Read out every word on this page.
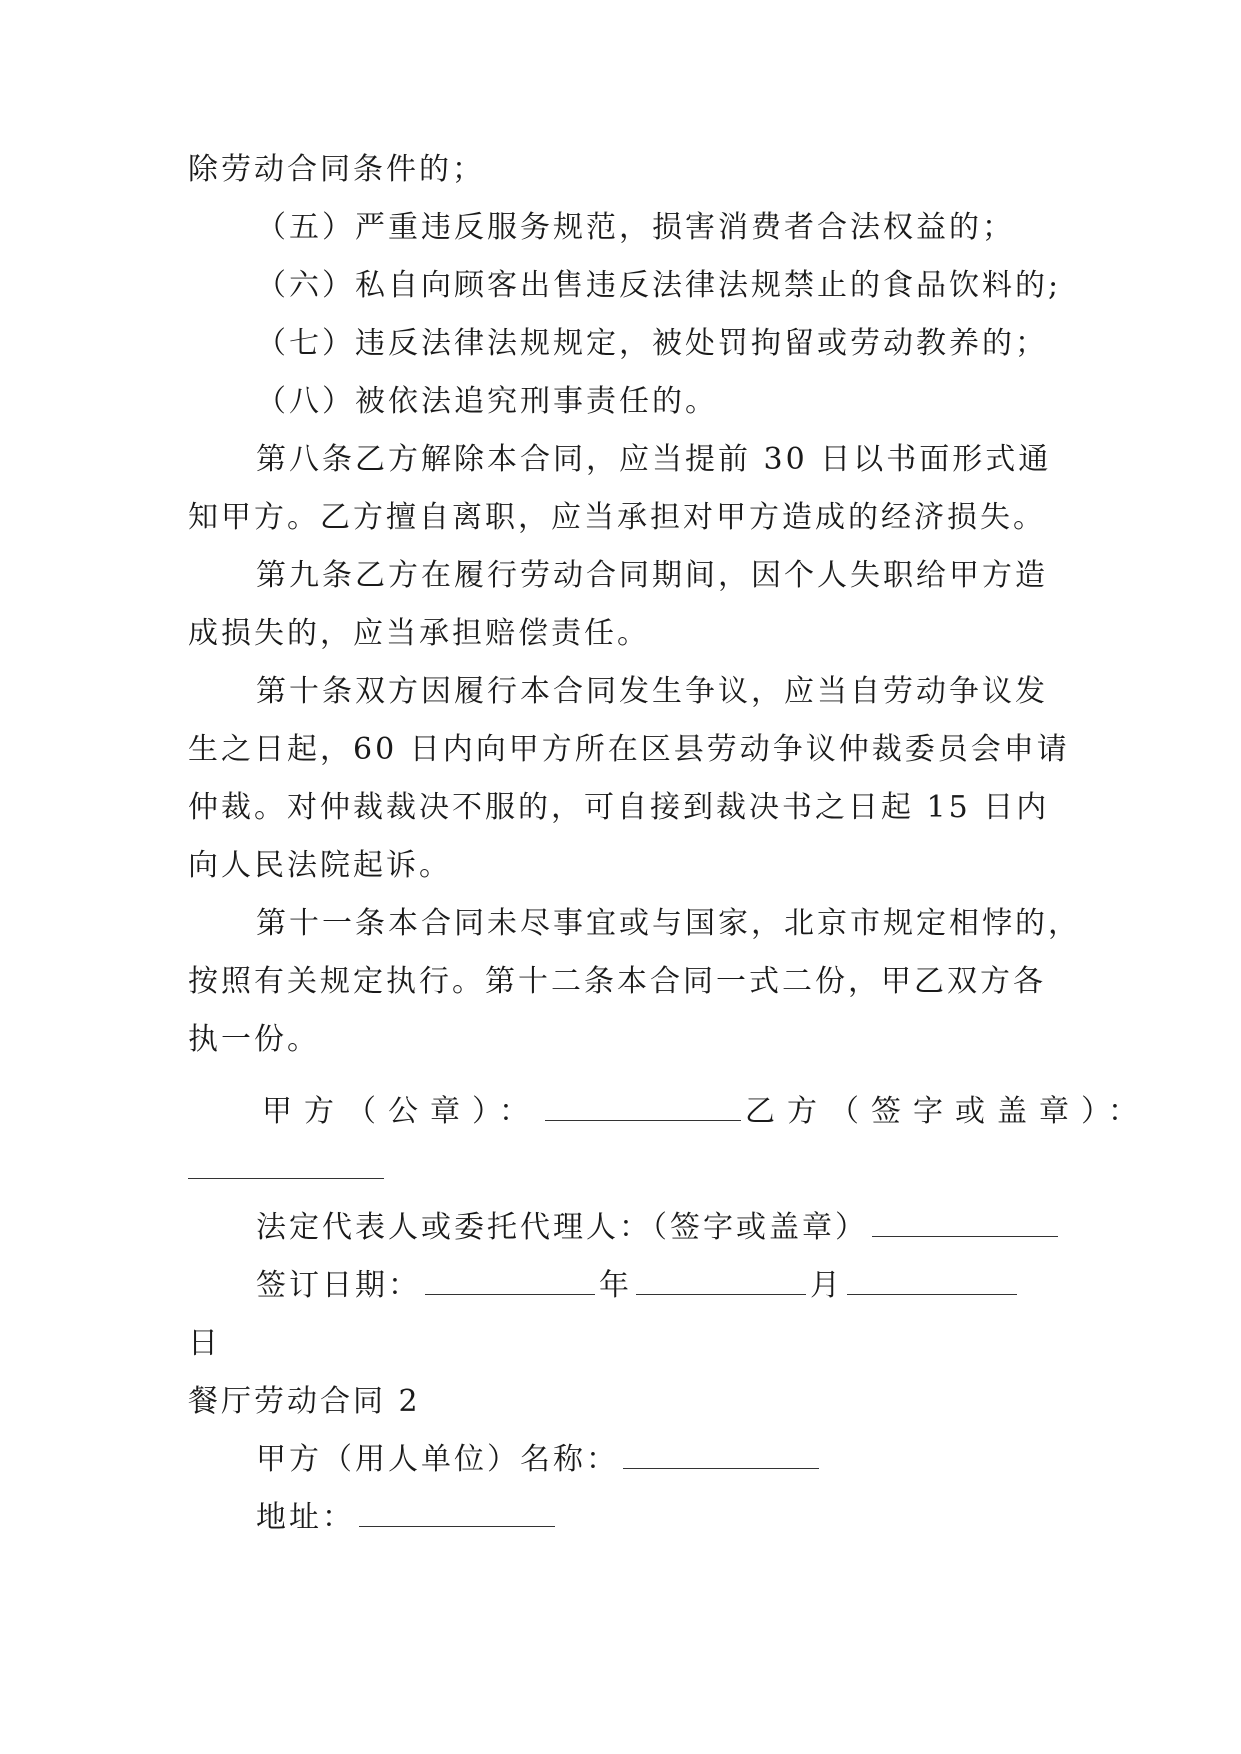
除劳动合同条件的；
（五）严重违反服务规范，损害消费者合法权益的；
（六）私自向顾客出售违反法律法规禁止的食品饮料的;
（七）违反法律法规规定，被处罚拘留或劳动教养的；
（八）被依法追究刑事责任的。
第八条乙方解除本合同，应当提前 30 日以书面形式通
知甲方。乙方擅自离职，应当承担对甲方造成的经济损失。
第九条乙方在履行劳动合同期间，因个人失职给甲方造
成损失的，应当承担赔偿责任。
第十条双方因履行本合同发生争议，应当自劳动争议发
生之日起，60 日内向甲方所在区县劳动争议仲裁委员会申请
仲裁。对仲裁裁决不服的，可自接到裁决书之日起 15 日内
向人民法院起诉。
第十一条本合同未尽事宜或与国家，北京市规定相悖的，
按照有关规定执行。第十二条本合同一式二份，甲乙双方各
执一份。
甲方（公章）：	乙方（签字或盖章）：
法定代表人或委托代理人：（签字或盖章）
签订日期：	年	月
日
餐厅劳动合同 2
甲方（用人单位）名称：
地址：
